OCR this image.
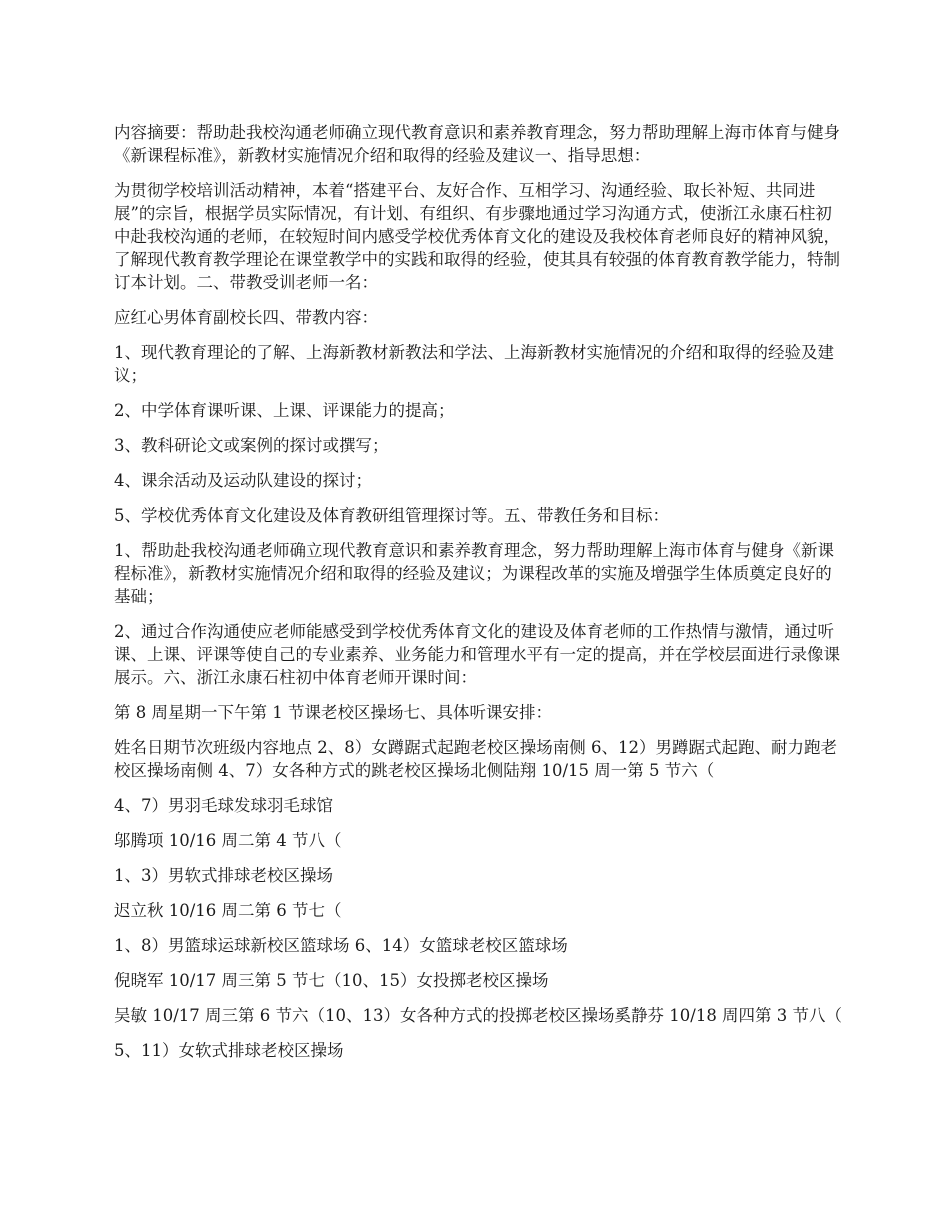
内容摘要：帮助赴我校沟通老师确立现代教育意识和素养教育理念，努力帮助理解上海市体育与健身《新课程标准》，新教材实施情况介绍和取得的经验及建议一、指导思想：

为贯彻学校培训活动精神，本着“搭建平台、友好合作、互相学习、沟通经验、取长补短、共同进展”的宗旨，根据学员实际情况，有计划、有组织、有步骤地通过学习沟通方式，使浙江永康石柱初中赴我校沟通的老师，在较短时间内感受学校优秀体育文化的建设及我校体育老师良好的精神风貌，了解现代教育教学理论在课堂教学中的实践和取得的经验，使其具有较强的体育教育教学能力，特制订本计划。二、带教受训老师一名：

应红心男体育副校长四、带教内容：

1、现代教育理论的了解、上海新教材新教法和学法、上海新教材实施情况的介绍和取得的经验及建议；

2、中学体育课听课、上课、评课能力的提高；

3、教科研论文或案例的探讨或撰写；

4、课余活动及运动队建设的探讨；

5、学校优秀体育文化建设及体育教研组管理探讨等。五、带教任务和目标：

1、帮助赴我校沟通老师确立现代教育意识和素养教育理念，努力帮助理解上海市体育与健身《新课程标准》，新教材实施情况介绍和取得的经验及建议；为课程改革的实施及增强学生体质奠定良好的基础；

2、通过合作沟通使应老师能感受到学校优秀体育文化的建设及体育老师的工作热情与激情，通过听课、上课、评课等使自己的专业素养、业务能力和管理水平有一定的提高，并在学校层面进行录像课展示。六、浙江永康石柱初中体育老师开课时间：

第 8 周星期一下午第 1 节课老校区操场七、具体听课安排：

姓名日期节次班级内容地点 2、8）女蹲踞式起跑老校区操场南侧 6、12）男蹲踞式起跑、耐力跑老校区操场南侧 4、7）女各种方式的跳老校区操场北侧陆翔 10/15 周一第 5 节六（

4、7）男羽毛球发球羽毛球馆

邬腾项 10/16 周二第 4 节八（

1、3）男软式排球老校区操场

迟立秋 10/16 周二第 6 节七（

1、8）男篮球运球新校区篮球场 6、14）女篮球老校区篮球场

倪晓军 10/17 周三第 5 节七（10、15）女投掷老校区操场

吴敏 10/17 周三第 6 节六（10、13）女各种方式的投掷老校区操场奚静芬 10/18 周四第 3 节八（

5、11）女软式排球老校区操场
